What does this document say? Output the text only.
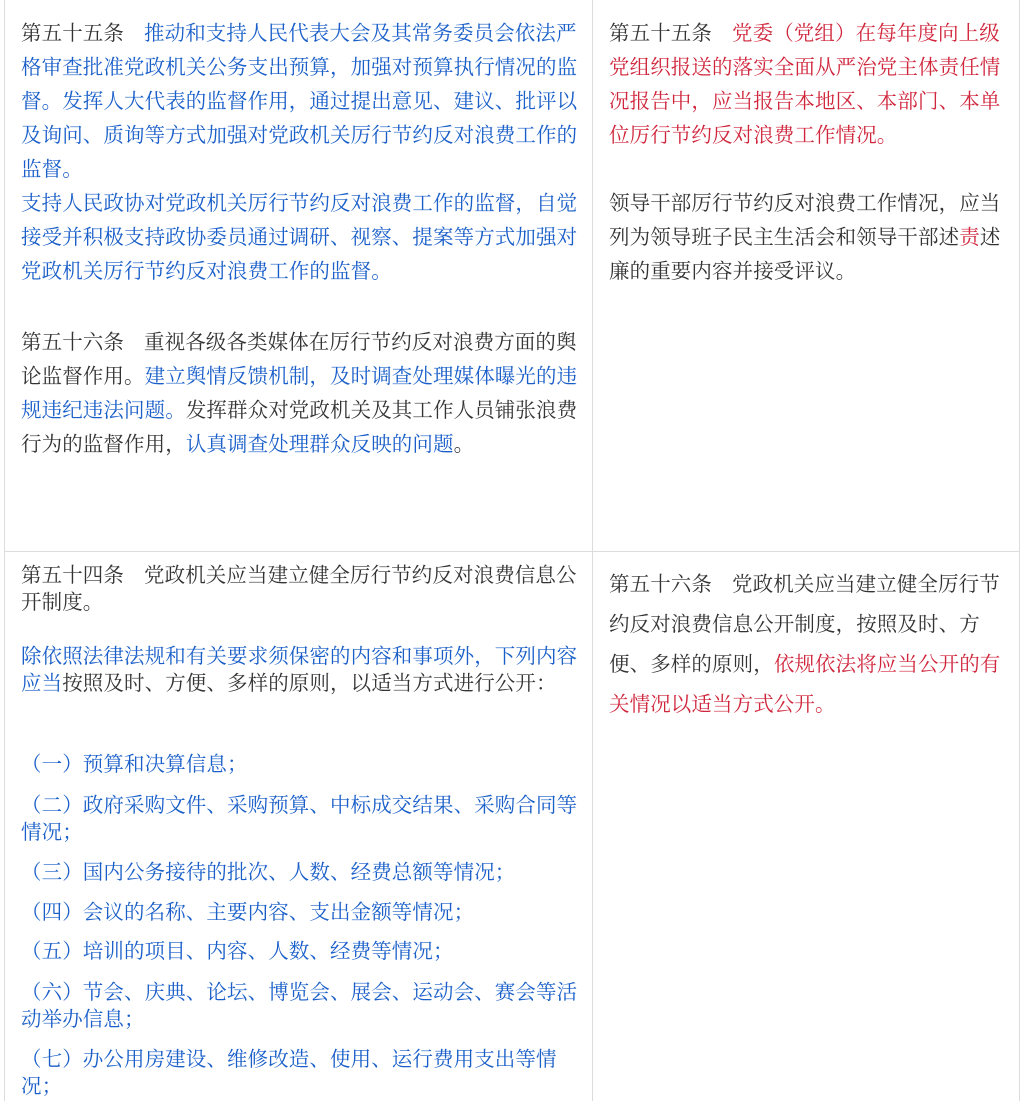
第五十五条 推动和支持人民代表大会及其常务委员会依法严格审查批准党政机关公务支出预算，加强对预算执行情况的监督。发挥人大代表的监督作用，通过提出意见、建议、批评以及询问、质询等方式加强对党政机关厉行节约反对浪费工作的监督。

支持人民政协对党政机关厉行节约反对浪费工作的监督，自觉接受并积极支持政协委员通过调研、视察、提案等方式加强对党政机关厉行节约反对浪费工作的监督。

第五十六条 重视各级各类媒体在厉行节约反对浪费方面的舆论监督作用。建立舆情反馈机制，及时调查处理媒体曝光的违规违纪违法问题。发挥群众对党政机关及其工作人员铺张浪费行为的监督作用，认真调查处理群众反映的问题。

第五十五条 党委（党组）在每年度向上级党组织报送的落实全面从严治党主体责任情况报告中，应当报告本地区、本部门、本单位厉行节约反对浪费工作情况。

领导干部厉行节约反对浪费工作情况，应当列为领导班子民主生活会和领导干部述责述廉的重要内容并接受评议。

第五十四条 党政机关应当建立健全厉行节约反对浪费信息公开制度。

除依照法律法规和有关要求须保密的内容和事项外，下列内容应当按照及时、方便、多样的原则，以适当方式进行公开：

（一）预算和决算信息；

（二）政府采购文件、采购预算、中标成交结果、采购合同等情况；

（三）国内公务接待的批次、人数、经费总额等情况；

（四）会议的名称、主要内容、支出金额等情况；

（五）培训的项目、内容、人数、经费等情况；

（六）节会、庆典、论坛、博览会、展会、运动会、赛会等活动举办信息；

（七）办公用房建设、维修改造、使用、运行费用支出等情况；

第五十六条 党政机关应当建立健全厉行节约反对浪费信息公开制度，按照及时、方便、多样的原则，依规依法将应当公开的有关情况以适当方式公开。
